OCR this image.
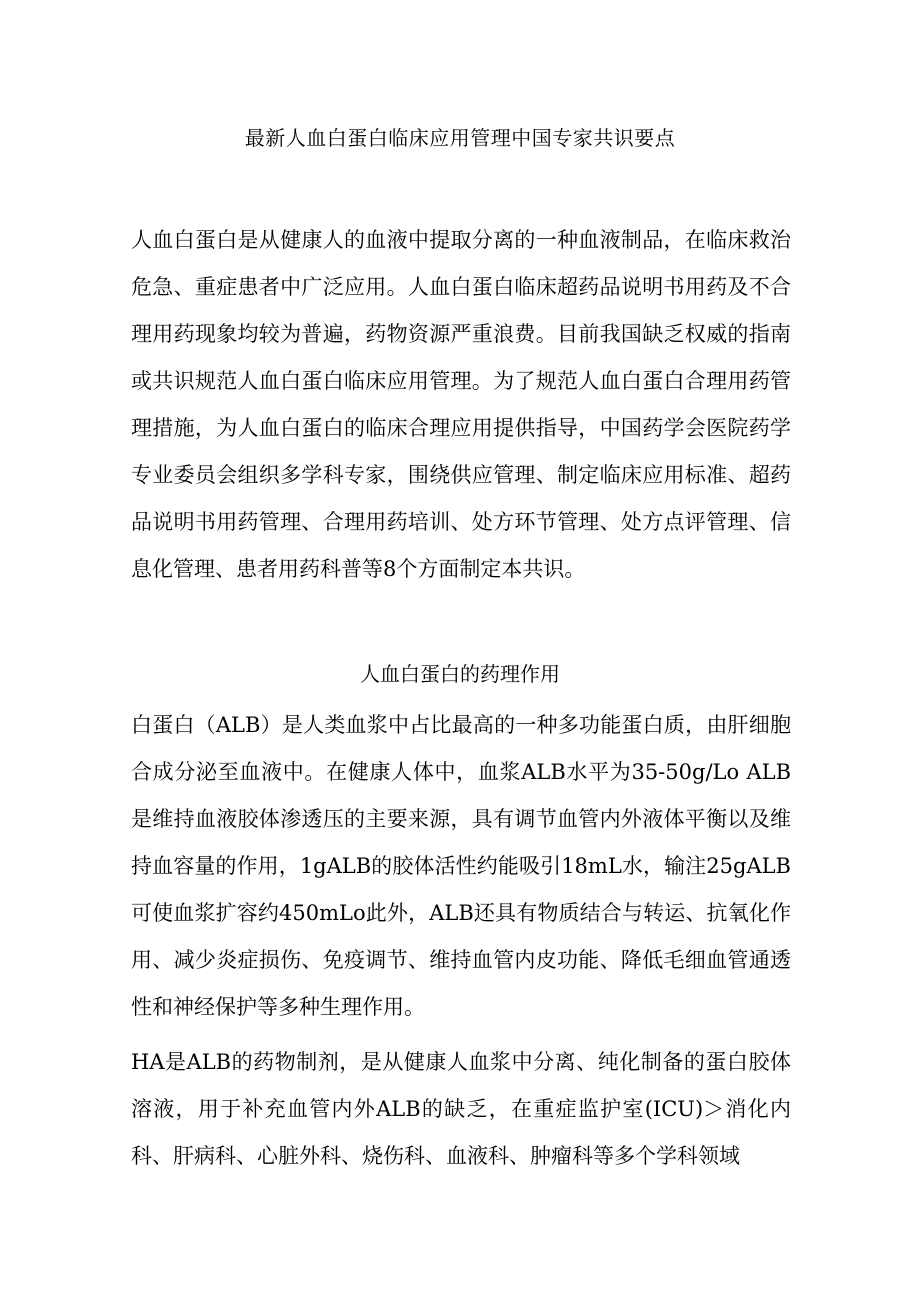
最新人血白蛋白临床应用管理中国专家共识要点

人血白蛋白是从健康人的血液中提取分离的一种血液制品，在临床救治危急、重症患者中广泛应用。人血白蛋白临床超药品说明书用药及不合理用药现象均较为普遍，药物资源严重浪费。目前我国缺乏权威的指南或共识规范人血白蛋白临床应用管理。为了规范人血白蛋白合理用药管理措施，为人血白蛋白的临床合理应用提供指导，中国药学会医院药学专业委员会组织多学科专家，围绕供应管理、制定临床应用标准、超药品说明书用药管理、合理用药培训、处方环节管理、处方点评管理、信息化管理、患者用药科普等8个方面制定本共识。

人血白蛋白的药理作用

白蛋白（ALB）是人类血浆中占比最高的一种多功能蛋白质，由肝细胞合成分泌至血液中。在健康人体中，血浆ALB水平为35-50g/Lo ALB是维持血液胶体渗透压的主要来源，具有调节血管内外液体平衡以及维持血容量的作用，1gALB的胶体活性约能吸引18mL水，输注25gALB可使血浆扩容约450mLo此外，ALB还具有物质结合与转运、抗氧化作用、减少炎症损伤、免疫调节、维持血管内皮功能、降低毛细血管通透性和神经保护等多种生理作用。

HA是ALB的药物制剂，是从健康人血浆中分离、纯化制备的蛋白胶体溶液，用于补充血管内外ALB的缺乏，在重症监护室(ICU)＞消化内科、肝病科、心脏外科、烧伤科、血液科、肿瘤科等多个学科领域
